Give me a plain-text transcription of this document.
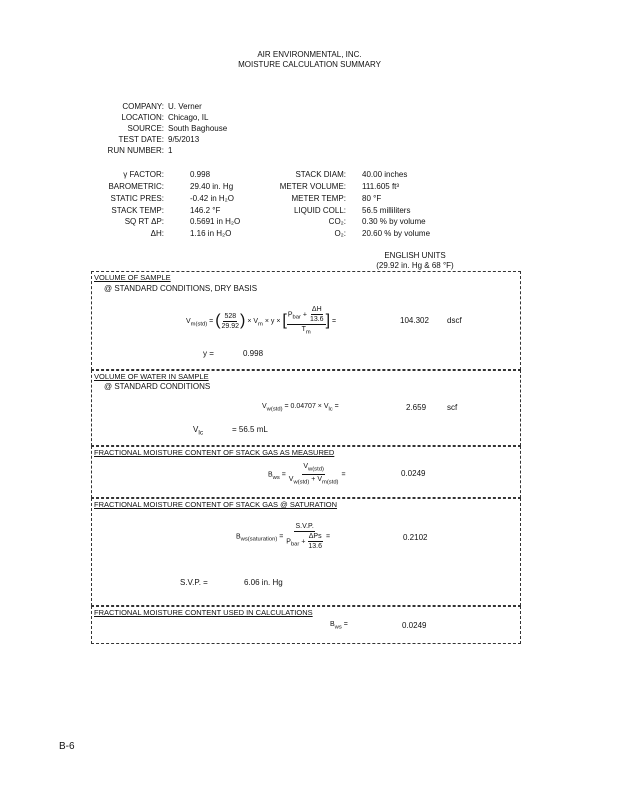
AIR ENVIRONMENTAL, INC.
MOISTURE CALCULATION SUMMARY
COMPANY: U. Verner
LOCATION: Chicago, IL
SOURCE: South Baghouse
TEST DATE: 9/5/2013
RUN NUMBER: 1
γ FACTOR:	0.998
BAROMETRIC:	29.40 in. Hg
STATIC PRES:	-0.42 in H₂O
STACK TEMP:	146.2 °F
SQ RT ΔP:	0.5691 in H₂O
ΔH:	1.16 in H₂O
STACK DIAM: 40.00 inches
METER VOLUME: 111.605 ft³
METER TEMP: 80 °F
LIQUID COLL: 56.5 milliliters
CO₂: 0.30 % by volume
O₂: 20.60 % by volume
ENGLISH UNITS
(29.92 in. Hg & 68 °F)
VOLUME OF SAMPLE
@ STANDARD CONDITIONS, DRY BASIS
$V_{m(std)}$ = ( $\frac{528}{29.92}$ ) × $V_m \times y$ × [ $\frac{P_{bar} + \frac{\Delta H}{13.6}}{T_m}$ ] =	104.302 dscf
y =	0.998
VOLUME OF WATER IN SAMPLE
@ STANDARD CONDITIONS
$V_{w(std)} = 0.04707 \times V_{lc}$ =	2.659	scf
$V_{lc}$	= 56.5 mL
FRACTIONAL MOISTURE CONTENT OF STACK GAS AS MEASURED
$B_{ws} = \frac{V_{w(std)}}{V_{w(std)} + V_{m(std)}}$ =	0.0249
FRACTIONAL MOISTURE CONTENT OF STACK GAS @ SATURATION
$B_{ws(saturation)} = \frac{S.V.P.}{P_{bar} + \frac{\text{ΔPs}}{13.6}}$ =	0.2102
S.V.P. =	6.06 in. Hg
FRACTIONAL MOISTURE CONTENT USED IN CALCULATIONS
$B_{ws}$ =	0.0249
B-6
